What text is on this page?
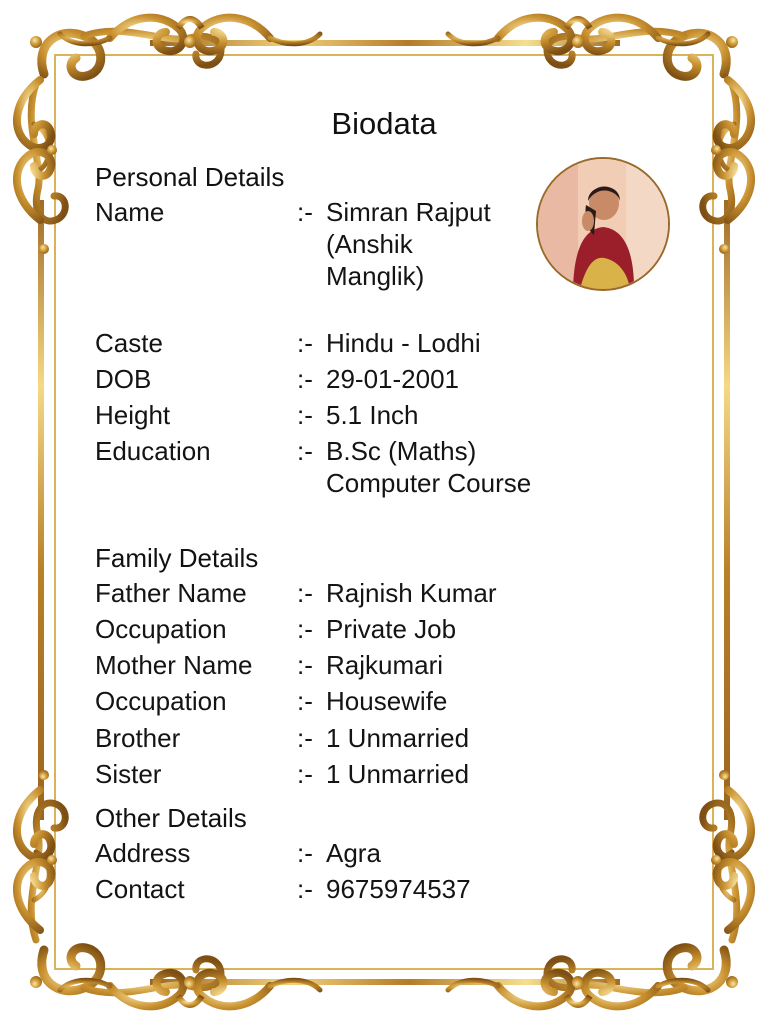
Biodata
Personal Details
Name	:- Simran Rajput (Anshik Manglik)
Caste	:- Hindu - Lodhi
DOB	:- 29-01-2001
Height	:- 5.1 Inch
Education	:- B.Sc (Maths) Computer Course
Family Details
Father Name :- Rajnish Kumar
Occupation	:- Private Job
Mother Name :- Rajkumari
Occupation	:- Housewife
Brother	:- 1 Unmarried
Sister	:- 1 Unmarried
Other Details
Address	:- Agra
Contact	:- 9675974537
